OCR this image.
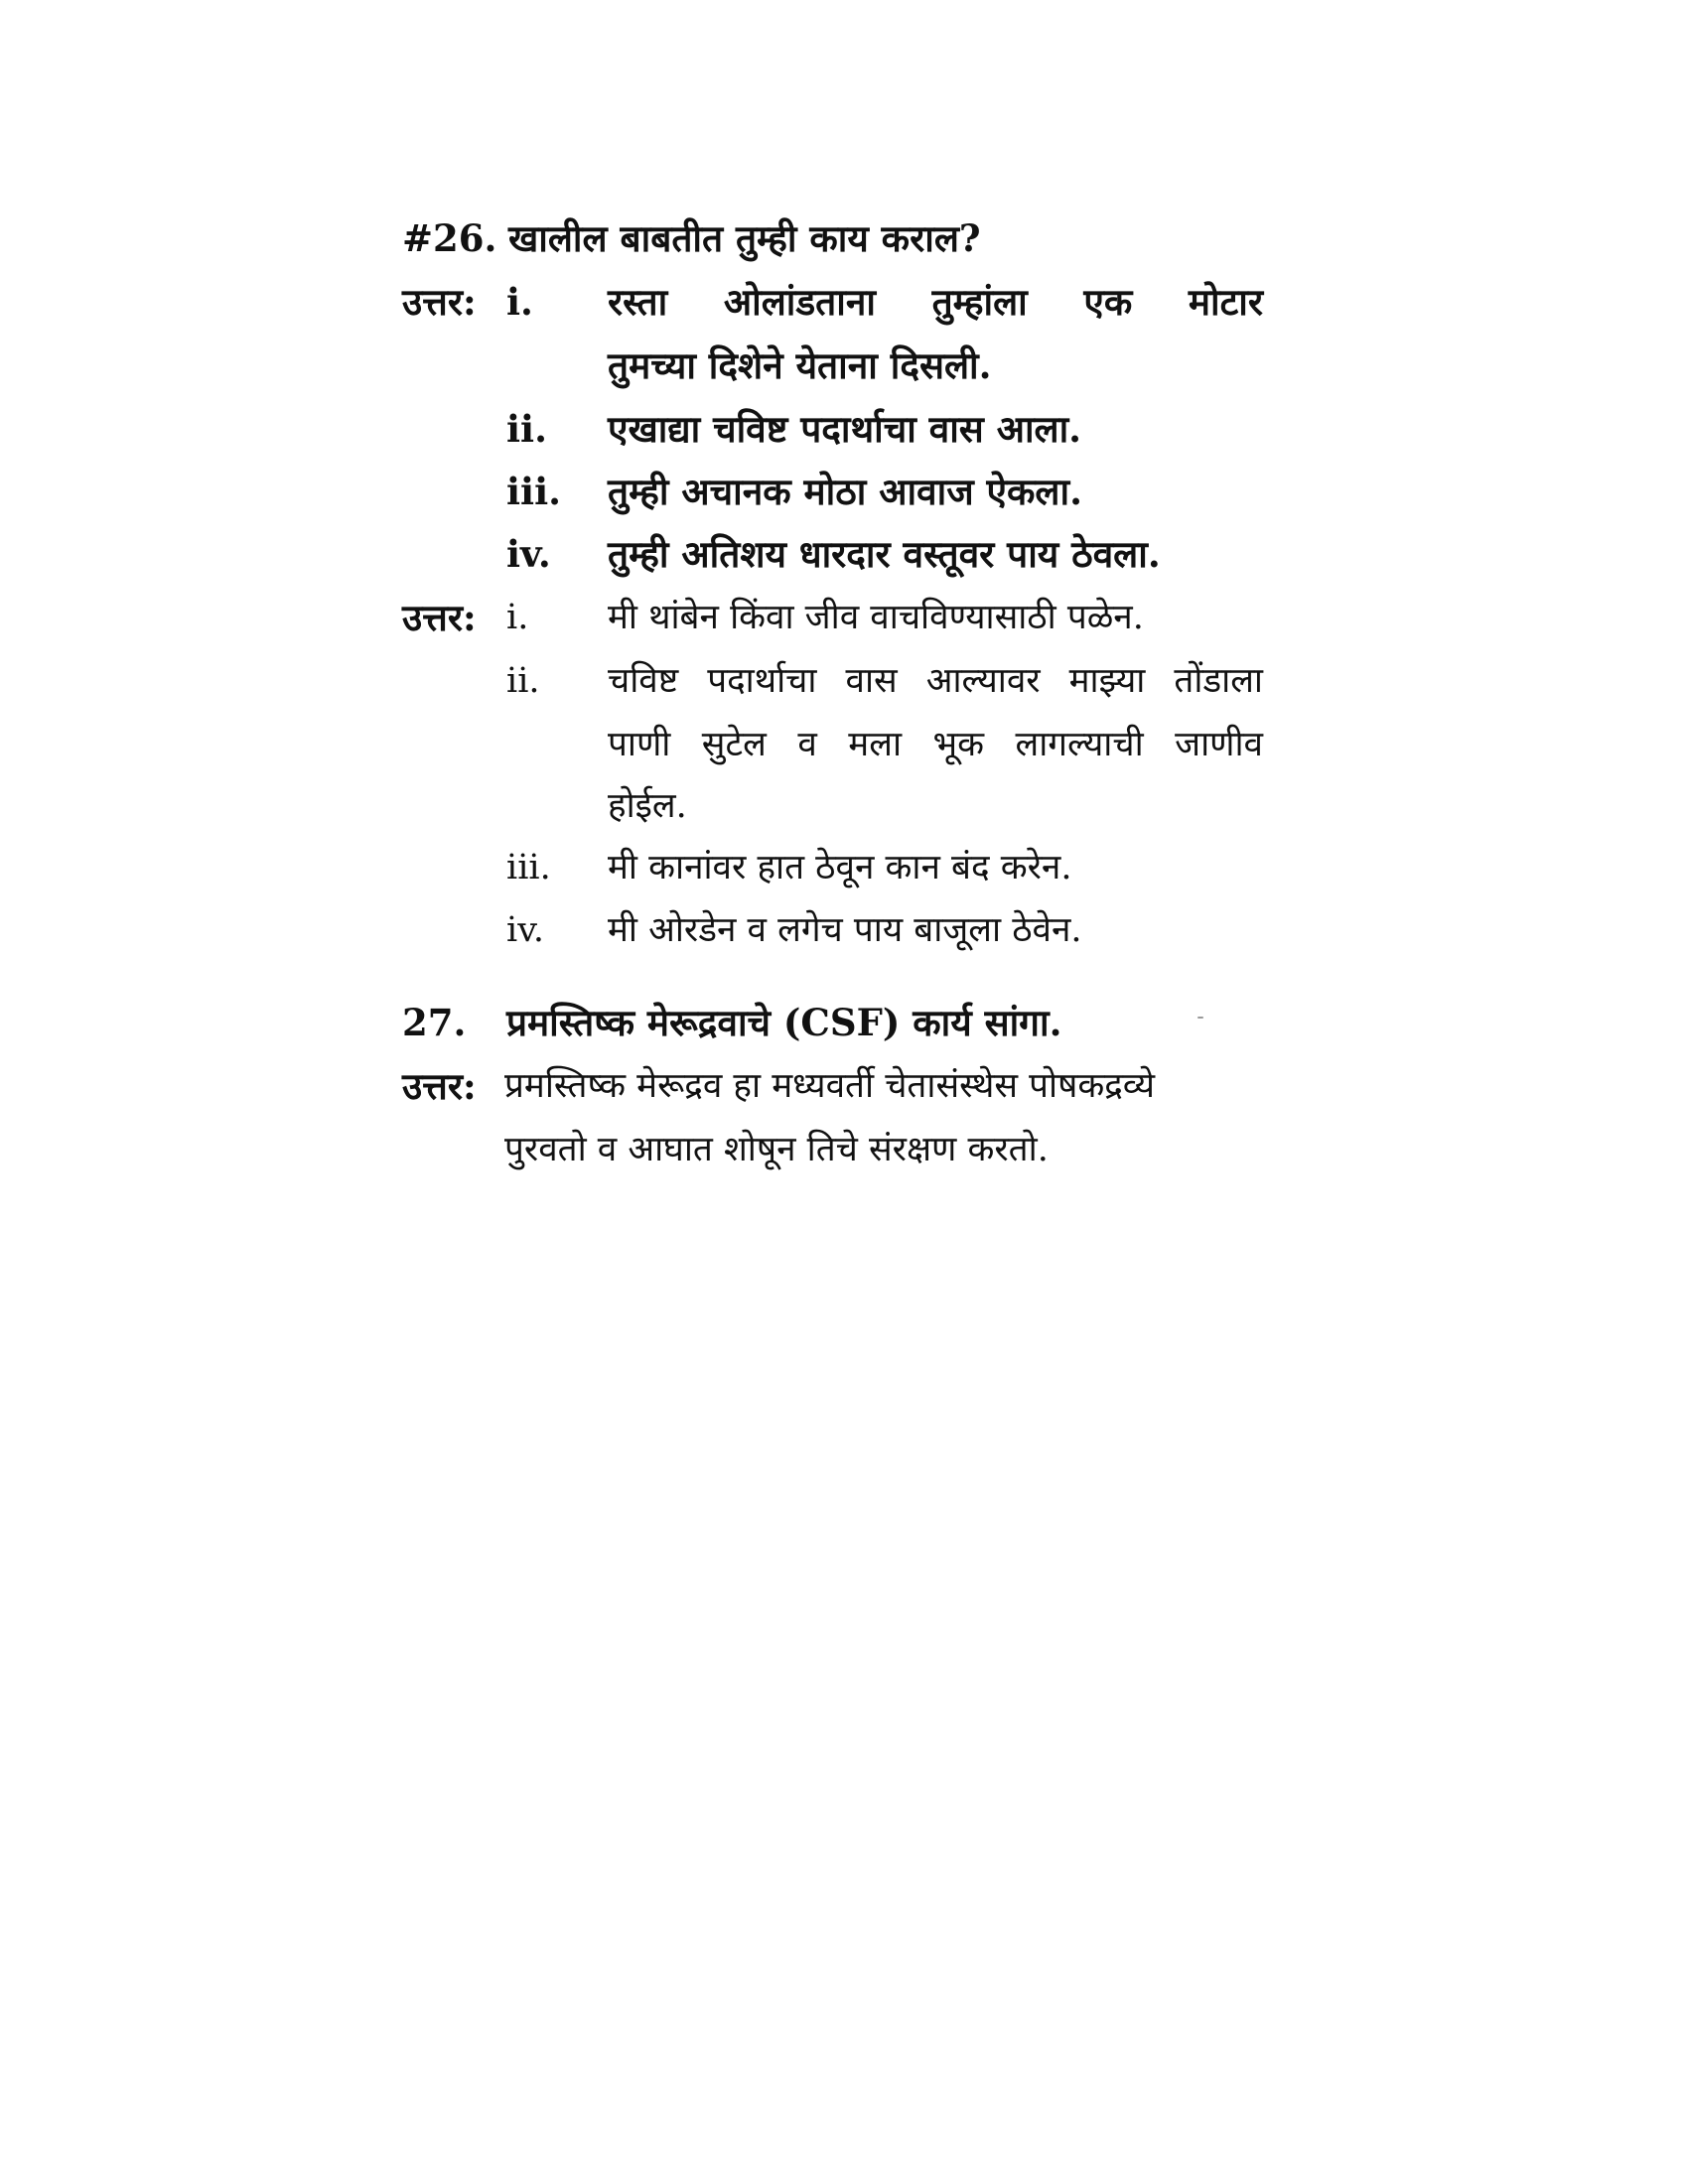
#26. खालील बाबतीत तुम्ही काय कराल?
उत्तर: i. रस्ता ओलांडताना तुम्हांला एक मोटार
तुमच्या दिशेने येताना दिसली.
ii. एखाद्या चविष्ट पदार्थाचा वास आला.
iii. तुम्ही अचानक मोठा आवाज ऐकला.
iv. तुम्ही अतिशय धारदार वस्तूवर पाय ठेवला.
उत्तर: i. मी थांबेन किंवा जीव वाचविण्यासाठी पळेन.
ii. चविष्ट पदार्थाचा वास आल्यावर माझ्या तोंडाला
पाणी सुटेल व मला भूक लागल्याची जाणीव
होईल.
iii. मी कानांवर हात ठेवून कान बंद करेन.
iv. मी ओरडेन व लगेच पाय बाजूला ठेवेन.
27. प्रमस्तिष्क मेरूद्रवाचे (CSF) कार्य सांगा.
उत्तर: प्रमस्तिष्क मेरूद्रव हा मध्यवर्ती चेतासंस्थेस पोषकद्रव्ये
पुरवतो व आघात शोषून तिचे संरक्षण करतो.
